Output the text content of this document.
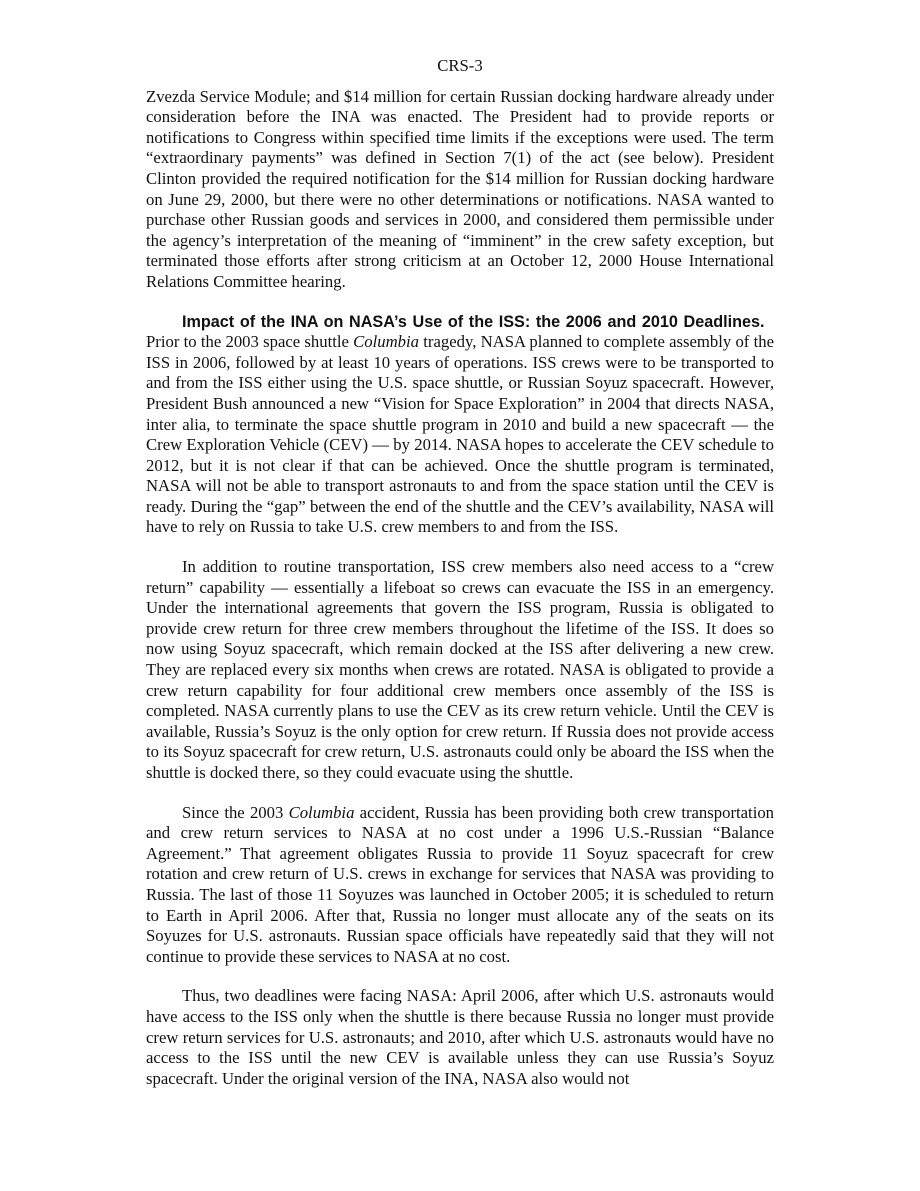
CRS-3

Zvezda Service Module; and $14 million for certain Russian docking hardware already under consideration before the INA was enacted. The President had to provide reports or notifications to Congress within specified time limits if the exceptions were used. The term “extraordinary payments” was defined in Section 7(1) of the act (see below). President Clinton provided the required notification for the $14 million for Russian docking hardware on June 29, 2000, but there were no other determinations or notifications. NASA wanted to purchase other Russian goods and services in 2000, and considered them permissible under the agency’s interpretation of the meaning of “imminent” in the crew safety exception, but terminated those efforts after strong criticism at an October 12, 2000 House International Relations Committee hearing.

Impact of the INA on NASA’s Use of the ISS: the 2006 and 2010 Deadlines.   Prior to the 2003 space shuttle Columbia tragedy, NASA planned to complete assembly of the ISS in 2006, followed by at least 10 years of operations. ISS crews were to be transported to and from the ISS either using the U.S. space shuttle, or Russian Soyuz spacecraft. However, President Bush announced a new “Vision for Space Exploration” in 2004 that directs NASA, inter alia, to terminate the space shuttle program in 2010 and build a new spacecraft — the Crew Exploration Vehicle (CEV) — by 2014. NASA hopes to accelerate the CEV schedule to 2012, but it is not clear if that can be achieved. Once the shuttle program is terminated, NASA will not be able to transport astronauts to and from the space station until the CEV is ready. During the “gap” between the end of the shuttle and the CEV’s availability, NASA will have to rely on Russia to take U.S. crew members to and from the ISS.

In addition to routine transportation, ISS crew members also need access to a “crew return” capability — essentially a lifeboat so crews can evacuate the ISS in an emergency. Under the international agreements that govern the ISS program, Russia is obligated to provide crew return for three crew members throughout the lifetime of the ISS. It does so now using Soyuz spacecraft, which remain docked at the ISS after delivering a new crew. They are replaced every six months when crews are rotated. NASA is obligated to provide a crew return capability for four additional crew members once assembly of the ISS is completed. NASA currently plans to use the CEV as its crew return vehicle. Until the CEV is available, Russia’s Soyuz is the only option for crew return. If Russia does not provide access to its Soyuz spacecraft for crew return, U.S. astronauts could only be aboard the ISS when the shuttle is docked there, so they could evacuate using the shuttle.

Since the 2003 Columbia accident, Russia has been providing both crew transportation and crew return services to NASA at no cost under a 1996 U.S.-Russian “Balance Agreement.” That agreement obligates Russia to provide 11 Soyuz spacecraft for crew rotation and crew return of U.S. crews in exchange for services that NASA was providing to Russia. The last of those 11 Soyuzes was launched in October 2005; it is scheduled to return to Earth in April 2006. After that, Russia no longer must allocate any of the seats on its Soyuzes for U.S. astronauts. Russian space officials have repeatedly said that they will not continue to provide these services to NASA at no cost.

Thus, two deadlines were facing NASA: April 2006, after which U.S. astronauts would have access to the ISS only when the shuttle is there because Russia no longer must provide crew return services for U.S. astronauts; and 2010, after which U.S. astronauts would have no access to the ISS until the new CEV is available unless they can use Russia’s Soyuz spacecraft. Under the original version of the INA, NASA also would not
